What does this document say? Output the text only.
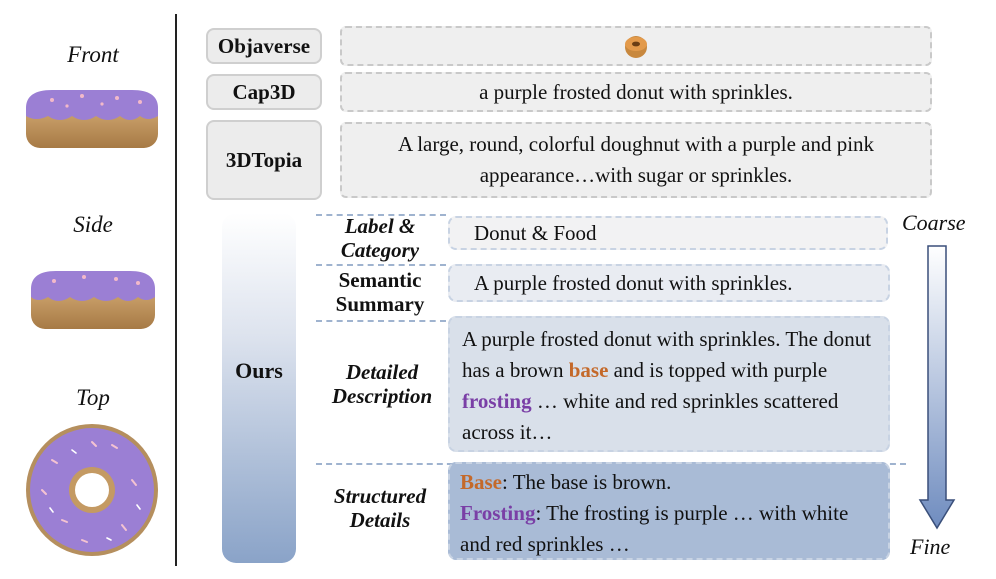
Front
Side
Top
Objaverse
Cap3D	a purple frosted donut with sprinkles.
3DTopia
A large, round, colorful doughnut with a purple and pink appearance…with sugar or sprinkles.
Ours
Label &
Category
Donut & Food
Semantic
Summary
A purple frosted donut with sprinkles.
Detailed
Description
A purple frosted donut with sprinkles. The donut has a brown base and is topped with purple frosting … white and red sprinkles scattered across it…
Structured
Details
Base: The base is brown.
Frosting: The frosting is purple … with white and red sprinkles …
Coarse
Fine
